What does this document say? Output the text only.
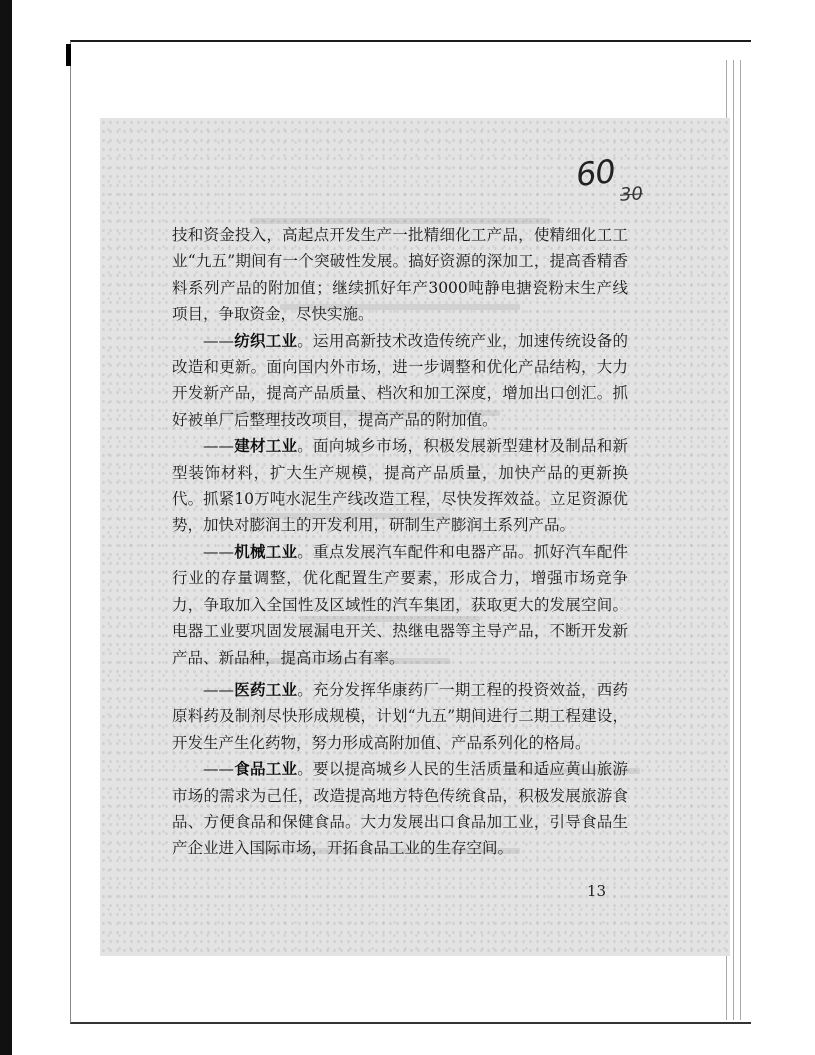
60
30

技和资金投入，高起点开发生产一批精细化工产品，使精细化工工业“九五”期间有一个突破性发展。搞好资源的深加工，提高香精香料系列产品的附加值；继续抓好年产3000吨静电搪瓷粉末生产线项目，争取资金，尽快实施。

——纺织工业。运用高新技术改造传统产业，加速传统设备的改造和更新。面向国内外市场，进一步调整和优化产品结构，大力开发新产品，提高产品质量、档次和加工深度，增加出口创汇。抓好被单厂后整理技改项目，提高产品的附加值。

——建材工业。面向城乡市场，积极发展新型建材及制品和新型装饰材料，扩大生产规模，提高产品质量，加快产品的更新换代。抓紧10万吨水泥生产线改造工程，尽快发挥效益。立足资源优势，加快对膨润土的开发利用，研制生产膨润土系列产品。

——机械工业。重点发展汽车配件和电器产品。抓好汽车配件行业的存量调整，优化配置生产要素，形成合力，增强市场竞争力，争取加入全国性及区域性的汽车集团，获取更大的发展空间。电器工业要巩固发展漏电开关、热继电器等主导产品，不断开发新产品、新品种，提高市场占有率。

——医药工业。充分发挥华康药厂一期工程的投资效益，西药原料药及制剂尽快形成规模，计划“九五”期间进行二期工程建设，开发生产生化药物，努力形成高附加值、产品系列化的格局。

——食品工业。要以提高城乡人民的生活质量和适应黄山旅游市场的需求为己任，改造提高地方特色传统食品，积极发展旅游食品、方便食品和保健食品。大力发展出口食品加工业，引导食品生产企业进入国际市场，开拓食品工业的生存空间。

13
